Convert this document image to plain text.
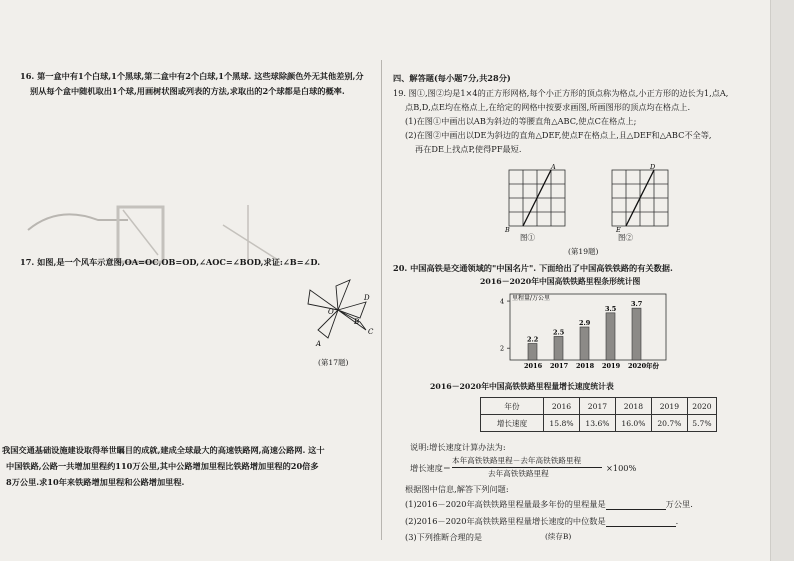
16. 第一盒中有1个白球,1个黑球,第二盒中有2个白球,1个黑球. 这些球除颜色外无其他差别,分
别从每个盒中随机取出1个球,用画树状图或列表的方法,求取出的2个球都是白球的概率.
17. 如图,是一个风车示意图,OA=OC,OB=OD,∠AOC=∠BOD,求证:∠B=∠D.
O
D
B
C
A
(第17题)
我国交通基础设施建设取得举世瞩目的成就,建成全球最大的高速铁路网,高速公路网. 这十
中国铁路,公路一共增加里程约110万公里,其中公路增加里程比铁路增加里程的20倍多
8万公里.求10年来铁路增加里程和公路增加里程.
四、解答题(每小题7分,共28分)
19. 图①,图②均是1×4的正方形网格,每个小正方形的顶点称为格点,小正方形的边长为1,点A,
点B,D,点E均在格点上,在给定的网格中按要求画图,所画图形的顶点均在格点上.
(1)在图①中画出以AB为斜边的等腰直角△ABC,使点C在格点上;
(2)在图②中画出以DE为斜边的直角△DEF,使点F在格点上,且△DEF和△ABC不全等,
再在DE上找点P,使得PF最短.
B
A
图①
E
D
图②
(第19题)
20. 中国高铁是交通领域的"中国名片". 下面给出了中国高铁铁路的有关数据.
2016－2020年中国高铁铁路里程条形统计图
里程量/万公里
2
4
2.2
2016
2.5
2017
2.9
2018
3.5
2019
3.7
2020 年份
2016－2020年中国高铁铁路里程量增长速度统计表
年份	2016	2017	2018	2019	2020
增长速度	15.8%	13.6%	16.0%	20.7%	5.7%
说明:增长速度计算办法为:
增长速度＝
本年高铁铁路里程－去年高铁铁路里程
去年高铁铁路里程
×100%
根据图中信息,解答下列问题:
(1)2016－2020年高铁铁路里程量最多年份的里程量是	万公里.
(2)2016－2020年高铁铁路里程量增长速度的中位数是	.
(3)下列推断合理的是	(续存B)
